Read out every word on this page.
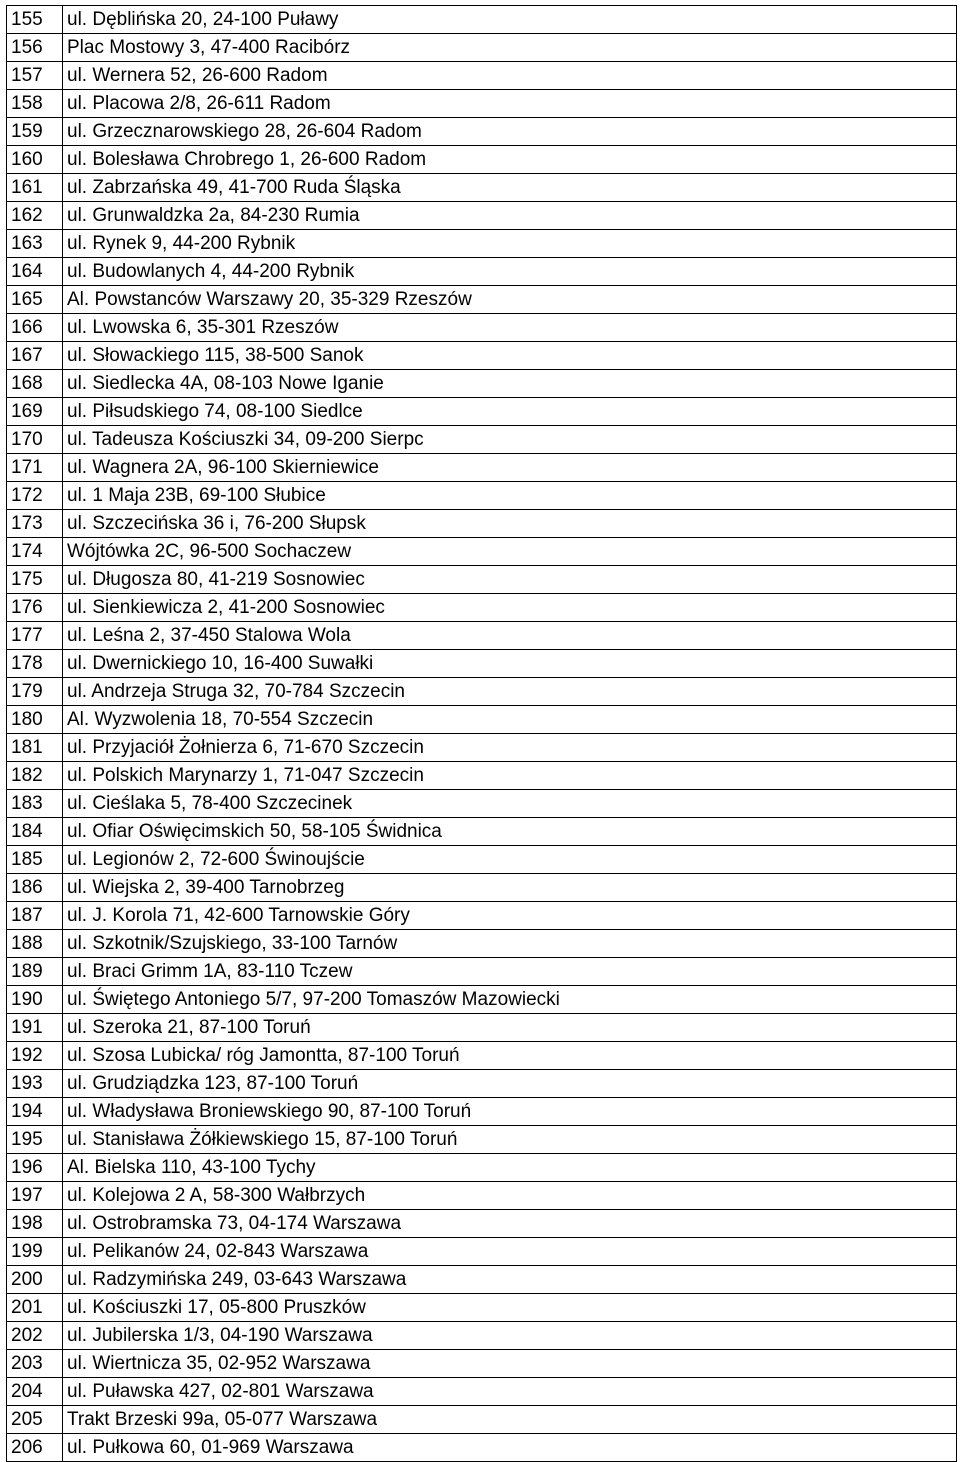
155	ul. Dęblińska 20, 24-100 Puławy
156	Plac Mostowy 3, 47-400 Racibórz
157	ul. Wernera 52, 26-600 Radom
158	ul. Placowa 2/8, 26-611 Radom
159	ul. Grzecznarowskiego 28, 26-604 Radom
160	ul. Bolesława Chrobrego 1, 26-600 Radom
161	ul. Zabrzańska 49, 41-700 Ruda Śląska
162	ul. Grunwaldzka 2a, 84-230 Rumia
163	ul. Rynek 9, 44-200 Rybnik
164	ul. Budowlanych 4, 44-200 Rybnik
165	Al. Powstanców Warszawy 20, 35-329 Rzeszów
166	ul. Lwowska 6, 35-301 Rzeszów
167	ul. Słowackiego 115, 38-500 Sanok
168	ul. Siedlecka 4A, 08-103 Nowe Iganie
169	ul. Piłsudskiego 74, 08-100 Siedlce
170	ul. Tadeusza Kościuszki 34, 09-200 Sierpc
171	ul. Wagnera 2A, 96-100 Skierniewice
172	ul. 1 Maja 23B, 69-100 Słubice
173	ul. Szczecińska 36 i, 76-200 Słupsk
174	Wójtówka 2C, 96-500 Sochaczew
175	ul. Długosza 80, 41-219 Sosnowiec
176	ul. Sienkiewicza 2, 41-200 Sosnowiec
177	ul. Leśna 2, 37-450 Stalowa Wola
178	ul. Dwernickiego 10, 16-400 Suwałki
179	ul. Andrzeja Struga 32, 70-784 Szczecin
180	Al. Wyzwolenia 18, 70-554 Szczecin
181	ul. Przyjaciół Żołnierza 6, 71-670 Szczecin
182	ul. Polskich Marynarzy 1, 71-047 Szczecin
183	ul. Cieślaka 5, 78-400 Szczecinek
184	ul. Ofiar Oświęcimskich 50, 58-105 Świdnica
185	ul. Legionów 2, 72-600 Świnoujście
186	ul. Wiejska 2, 39-400 Tarnobrzeg
187	ul. J. Korola 71, 42-600 Tarnowskie Góry
188	ul. Szkotnik/Szujskiego, 33-100 Tarnów
189	ul. Braci Grimm 1A, 83-110 Tczew
190	ul. Świętego Antoniego 5/7, 97-200 Tomaszów Mazowiecki
191	ul. Szeroka 21, 87-100 Toruń
192	ul. Szosa Lubicka/ róg Jamontta, 87-100 Toruń
193	ul. Grudziądzka 123, 87-100 Toruń
194	ul. Władysława Broniewskiego 90, 87-100 Toruń
195	ul. Stanisława Żółkiewskiego 15, 87-100 Toruń
196	Al. Bielska 110, 43-100 Tychy
197	ul. Kolejowa 2 A, 58-300 Wałbrzych
198	ul. Ostrobramska 73, 04-174 Warszawa
199	ul. Pelikanów 24, 02-843 Warszawa
200	ul. Radzymińska 249, 03-643 Warszawa
201	ul. Kościuszki 17, 05-800 Pruszków
202	ul. Jubilerska 1/3, 04-190 Warszawa
203	ul. Wiertnicza 35, 02-952 Warszawa
204	ul. Puławska 427, 02-801 Warszawa
205	Trakt Brzeski 99a, 05-077 Warszawa
206	ul. Pułkowa 60, 01-969 Warszawa
